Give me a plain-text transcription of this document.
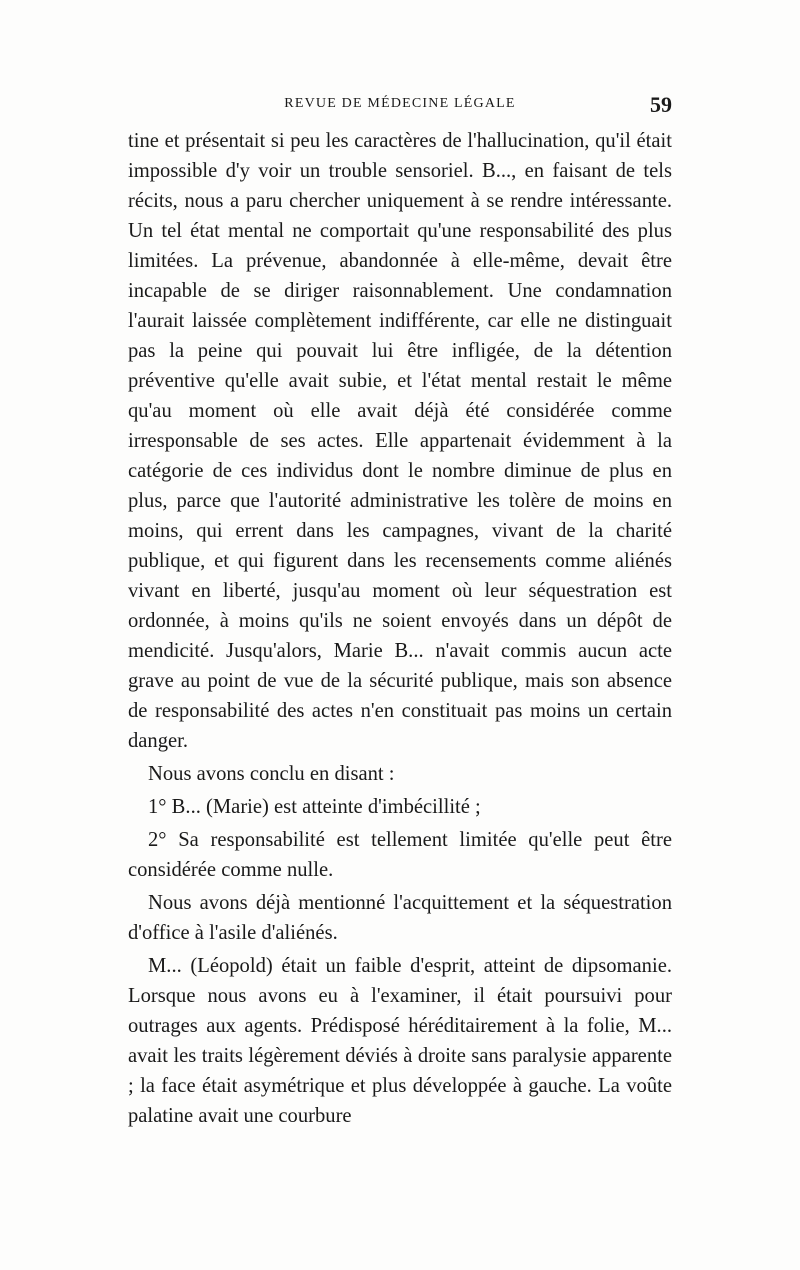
REVUE DE MÉDECINE LÉGALE	59

tine et présentait si peu les caractères de l'hallucination, qu'il était impossible d'y voir un trouble sensoriel. B..., en faisant de tels récits, nous a paru chercher uniquement à se rendre intéressante. Un tel état mental ne comportait qu'une responsabilité des plus limitées. La prévenue, abandonnée à elle-même, devait être incapable de se diriger raisonnablement. Une condamnation l'aurait laissée complètement indifférente, car elle ne distinguait pas la peine qui pouvait lui être infligée, de la détention préventive qu'elle avait subie, et l'état mental restait le même qu'au moment où elle avait déjà été considérée comme irresponsable de ses actes. Elle appartenait évidemment à la catégorie de ces individus dont le nombre diminue de plus en plus, parce que l'autorité administrative les tolère de moins en moins, qui errent dans les campagnes, vivant de la charité publique, et qui figurent dans les recensements comme aliénés vivant en liberté, jusqu'au moment où leur séquestration est ordonnée, à moins qu'ils ne soient envoyés dans un dépôt de mendicité. Jusqu'alors, Marie B... n'avait commis aucun acte grave au point de vue de la sécurité publique, mais son absence de responsabilité des actes n'en constituait pas moins un certain danger.

Nous avons conclu en disant :

1° B... (Marie) est atteinte d'imbécillité ;

2° Sa responsabilité est tellement limitée qu'elle peut être considérée comme nulle.

Nous avons déjà mentionné l'acquittement et la séquestration d'office à l'asile d'aliénés.

M... (Léopold) était un faible d'esprit, atteint de dipsomanie. Lorsque nous avons eu à l'examiner, il était poursuivi pour outrages aux agents. Prédisposé héréditairement à la folie, M... avait les traits légèrement déviés à droite sans paralysie apparente ; la face était asymétrique et plus développée à gauche. La voûte palatine avait une courbure
